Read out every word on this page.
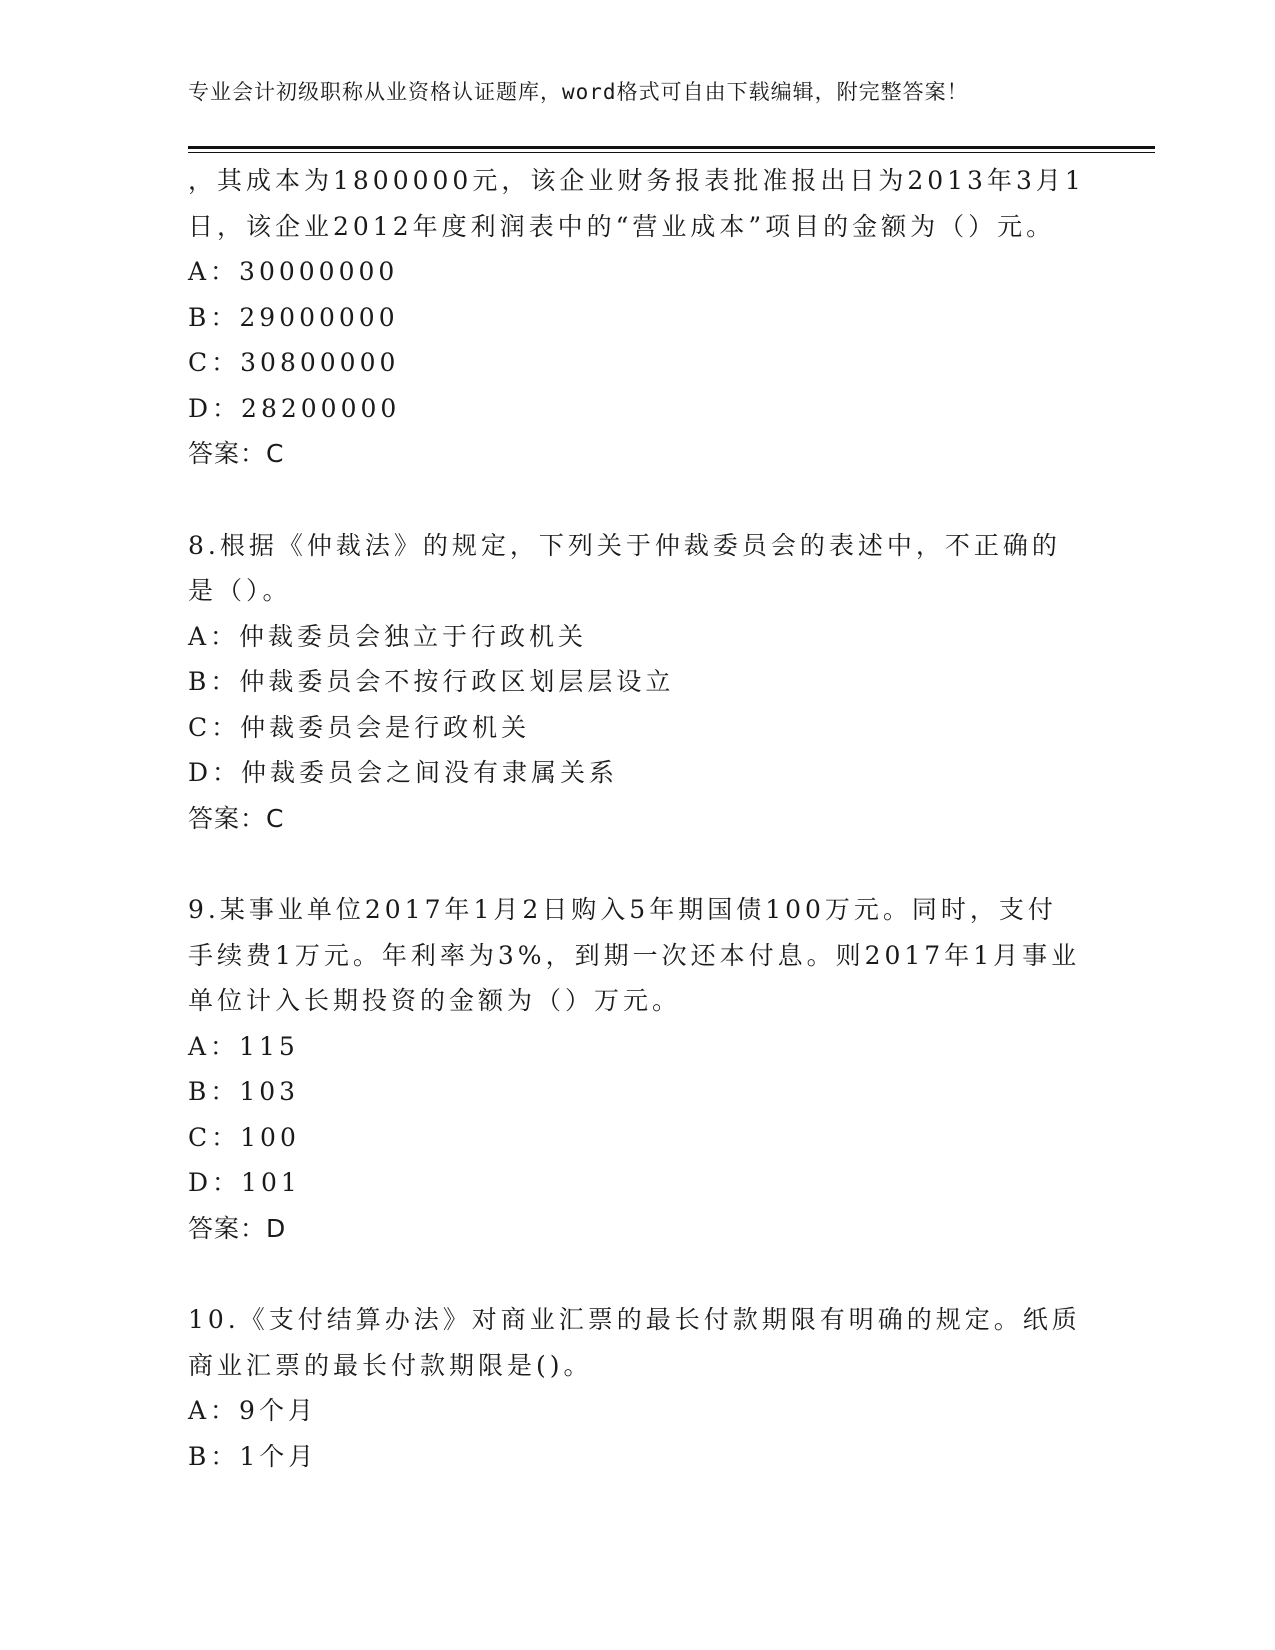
专业会计初级职称从业资格认证题库，word格式可自由下载编辑，附完整答案！
，其成本为1800000元，该企业财务报表批准报出日为2013年3月1
日，该企业2012年度利润表中的“营业成本”项目的金额为（）元。
A：30000000
B：29000000
C：30800000
D：28200000
答案：C
8.根据《仲裁法》的规定，下列关于仲裁委员会的表述中，不正确的
是（）。
A：仲裁委员会独立于行政机关
B：仲裁委员会不按行政区划层层设立
C：仲裁委员会是行政机关
D：仲裁委员会之间没有隶属关系
答案：C
9.某事业单位2017年1月2日购入5年期国债100万元。同时，支付
手续费1万元。年利率为3%，到期一次还本付息。则2017年1月事业
单位计入长期投资的金额为（）万元。
A：115
B：103
C：100
D：101
答案：D
10.《支付结算办法》对商业汇票的最长付款期限有明确的规定。纸质
商业汇票的最长付款期限是()。
A：9个月
B：1个月
